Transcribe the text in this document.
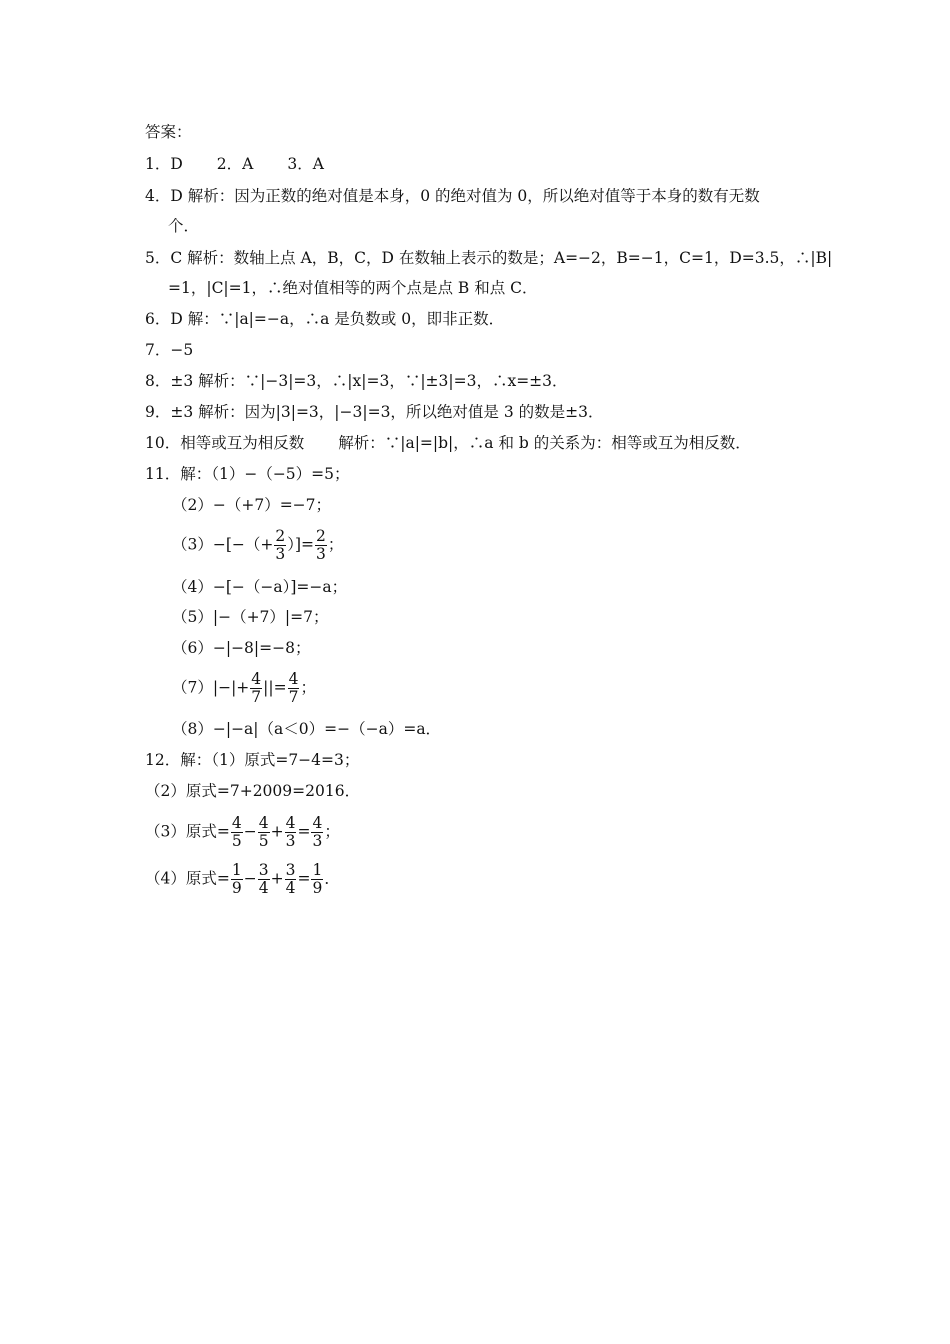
答案：
1．D 2．A 3．A
4．D 解析：因为正数的绝对值是本身，0 的绝对值为 0，所以绝对值等于本身的数有无数
个．
5．C 解析：数轴上点 A，B，C，D 在数轴上表示的数是；A=−2，B=−1，C=1，D=3.5，∴|B|
=1，|C|=1，∴绝对值相等的两个点是点 B 和点 C．
6．D 解：∵|a|=−a，∴a 是负数或 0，即非正数．
7．−5
8．±3 解析：∵|−3|=3，∴|x|=3，∵|±3|=3，∴x=±3．
9．±3 解析：因为|3|=3，|−3|=3，所以绝对值是 3 的数是±3．
10．相等或互为相反数 解析：∵|a|=|b|，∴a 和 b 的关系为：相等或互为相反数．
11．解：（1）−（−5）=5；
（2）−（+7）=−7；
$(3)-[-(+ \frac{2}{3}$ ）]= $\frac{2}{3}$ ；
（4）−[−（−a）]=−a；
（5）|−（+7）|=7；
（6）−|−8|=−8；
$(7)|-|+ \frac{4}{7}$ ||= $\frac{4}{7}$ ；
（8）−|−a|（a＜0）=−（−a）=a．
12．解：（1）原式=7−4=3；
（2）原式=7+2009=2016．
（3）原式= $\frac{4}{5} - \frac{4}{5} + \frac{4}{3} = \frac{4}{3}$ ；
（4）原式= $\frac{1}{9} - \frac{3}{4} + \frac{3}{4} = \frac{1}{9}$ ．
